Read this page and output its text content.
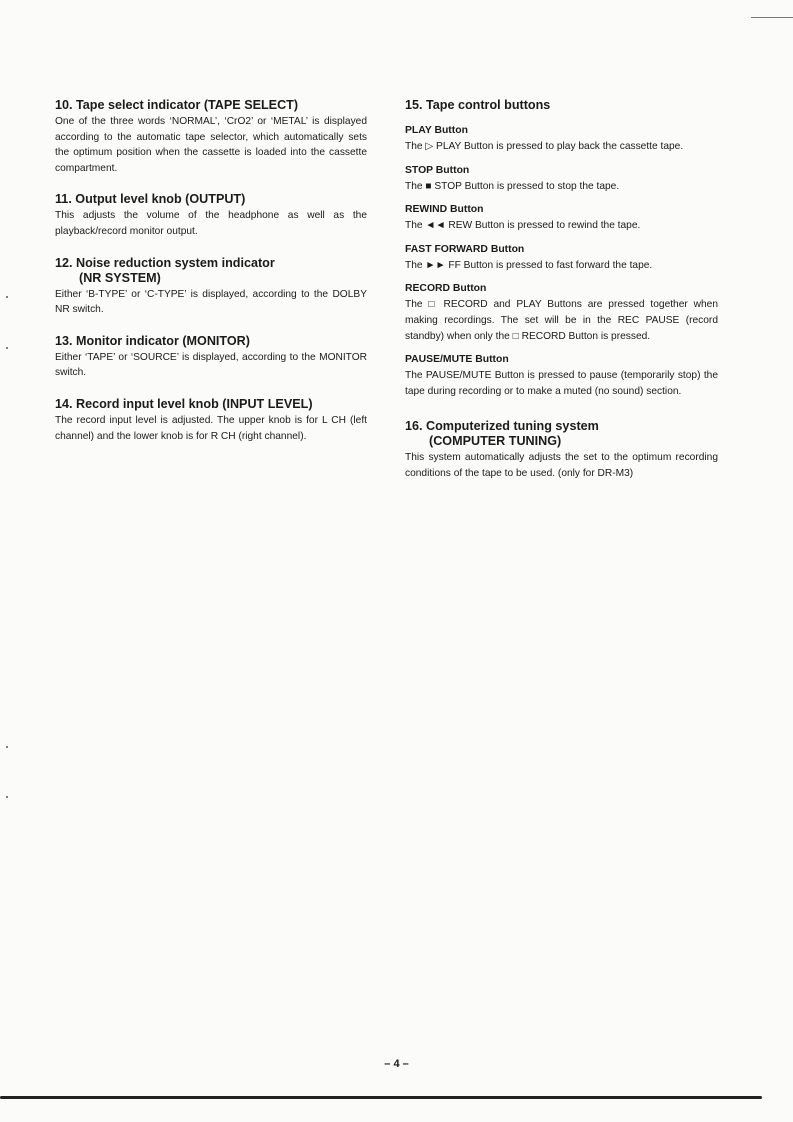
10. Tape select indicator (TAPE SELECT)

One of the three words ‘NORMAL’, ‘CrO2’ or ‘METAL’ is displayed according to the automatic tape selector, which automatically sets the optimum position when the cassette is loaded into the cassette compartment.

11. Output level knob (OUTPUT)

This adjusts the volume of the headphone as well as the playback/record monitor output.

12. Noise reduction system indicator
(NR SYSTEM)

Either ‘B-TYPE’ or ‘C-TYPE’ is displayed, according to the DOLBY NR switch.

13. Monitor indicator (MONITOR)

Either ‘TAPE’ or ‘SOURCE’ is displayed, according to the MONITOR switch.

14. Record input level knob (INPUT LEVEL)

The record input level is adjusted. The upper knob is for L CH (left channel) and the lower knob is for R CH (right channel).

15. Tape control buttons
PLAY Button

The ▷ PLAY Button is pressed to play back the cassette tape.

STOP Button

The ■ STOP Button is pressed to stop the tape.

REWIND Button

The ◄◄ REW Button is pressed to rewind the tape.

FAST FORWARD Button

The ►► FF Button is pressed to fast forward the tape.

RECORD Button

The □ RECORD and PLAY Buttons are pressed together when making recordings. The set will be in the REC PAUSE (record standby) when only the □ RECORD Button is pressed.

PAUSE/MUTE Button

The PAUSE/MUTE Button is pressed to pause (temporarily stop) the tape during recording or to make a muted (no sound) section.

16. Computerized tuning system
(COMPUTER TUNING)

This system automatically adjusts the set to the optimum recording conditions of the tape to be used. (only for DR-M3)

– 4 –
